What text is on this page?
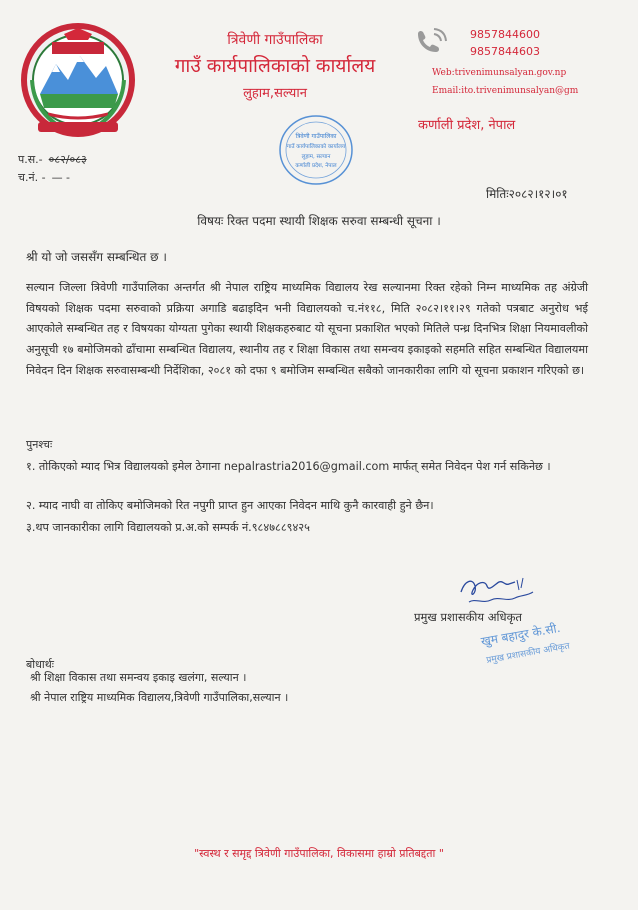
त्रिवेणी गाउँपालिका
गाउँ कार्यपालिकाको कार्यालय
लुहाम,सल्यान
9857844600
9857844603
Web:trivenimunsalyan.gov.np
Email:ito.trivenimunsalyan@gm
कर्णाली प्रदेश, नेपाल
त्रिवेणी गाउँपालिका
गाउँ कार्यपालिकाको कार्यालय
लुहाम, सल्यान
कर्णाली प्रदेश, नेपाल
प.स.- ०८२/०८३
च.नं. - — -
मितिः२०८२।१२।०१
विषयः रिक्त पदमा स्थायी शिक्षक सरुवा सम्बन्धी सूचना ।
श्री यो जो जससँग सम्बन्धित छ ।
सल्यान जिल्ला त्रिवेणी गाउँपालिका अन्तर्गत श्री नेपाल राष्ट्रिय माध्यमिक विद्यालय रेख सल्यानमा रिक्त रहेको निम्न माध्यमिक तह अंग्रेजी विषयको शिक्षक पदमा सरुवाको प्रक्रिया अगाडि बढाइदिन भनी विद्यालयको च.नं११८, मिति २०८२।११।२९ गतेको पत्रबाट अनुरोध भई आएकोले सम्बन्धित तह र विषयका योग्यता पुगेका स्थायी शिक्षकहरुबाट यो सूचना प्रकाशित भएको मितिले पन्ध्र दिनभित्र शिक्षा नियमावलीको अनुसूची १७ बमोजिमको ढाँचामा सम्बन्धित विद्यालय, स्थानीय तह र शिक्षा विकास तथा समन्वय इकाइको सहमति सहित सम्बन्धित विद्यालयमा निवेदन दिन शिक्षक सरुवासम्बन्धी निर्देशिका, २०८१ को दफा ९ बमोजिम सम्बन्धित सबैको जानकारीका लागि यो सूचना प्रकाशन गरिएको छ।
पुनश्चः
१. तोकिएको म्याद भित्र विद्यालयको इमेल ठेगाना nepalrastria2016@gmail.com मार्फत् समेत निवेदन पेश गर्न सकिनेछ ।
२. म्याद नाघी वा तोकिए बमोजिमको रित नपुगी प्राप्त हुन आएका निवेदन माथि कुनै कारवाही हुने छैन।
३.थप जानकारीका लागि विद्यालयको प्र.अ.को सम्पर्क नं.९८४७८८९४२५
प्रमुख प्रशासकीय अधिकृत
खुम बहादुर के.सी.
प्रमुख प्रशासकीय अधिकृत
बोधार्थः
श्री शिक्षा विकास तथा समन्वय इकाइ खलंगा, सल्यान ।
श्री नेपाल राष्ट्रिय माध्यमिक विद्यालय,त्रिवेणी गाउँपालिका,सल्यान ।
"स्वस्थ र समृद्द त्रिवेणी गाउँपालिका, विकासमा हाम्रो प्रतिबद्दता "
